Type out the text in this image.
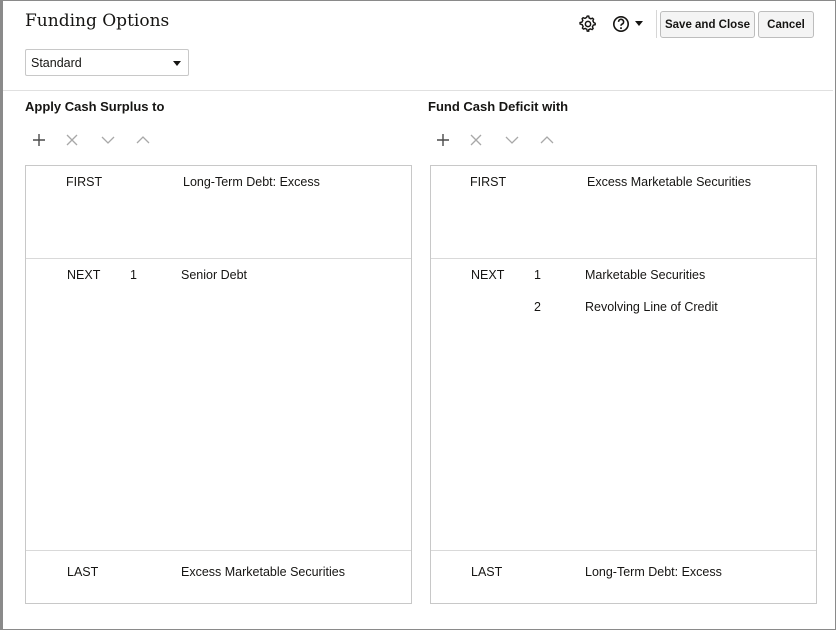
Funding Options	Save and Close	Cancel
Standard
Apply Cash Surplus to
FIRST	Long-Term Debt: Excess
NEXT 1	Senior Debt
LAST	Excess Marketable Securities
Fund Cash Deficit with
FIRST	Excess Marketable Securities
NEXT 1	Marketable Securities
2	Revolving Line of Credit
LAST	Long-Term Debt: Excess
